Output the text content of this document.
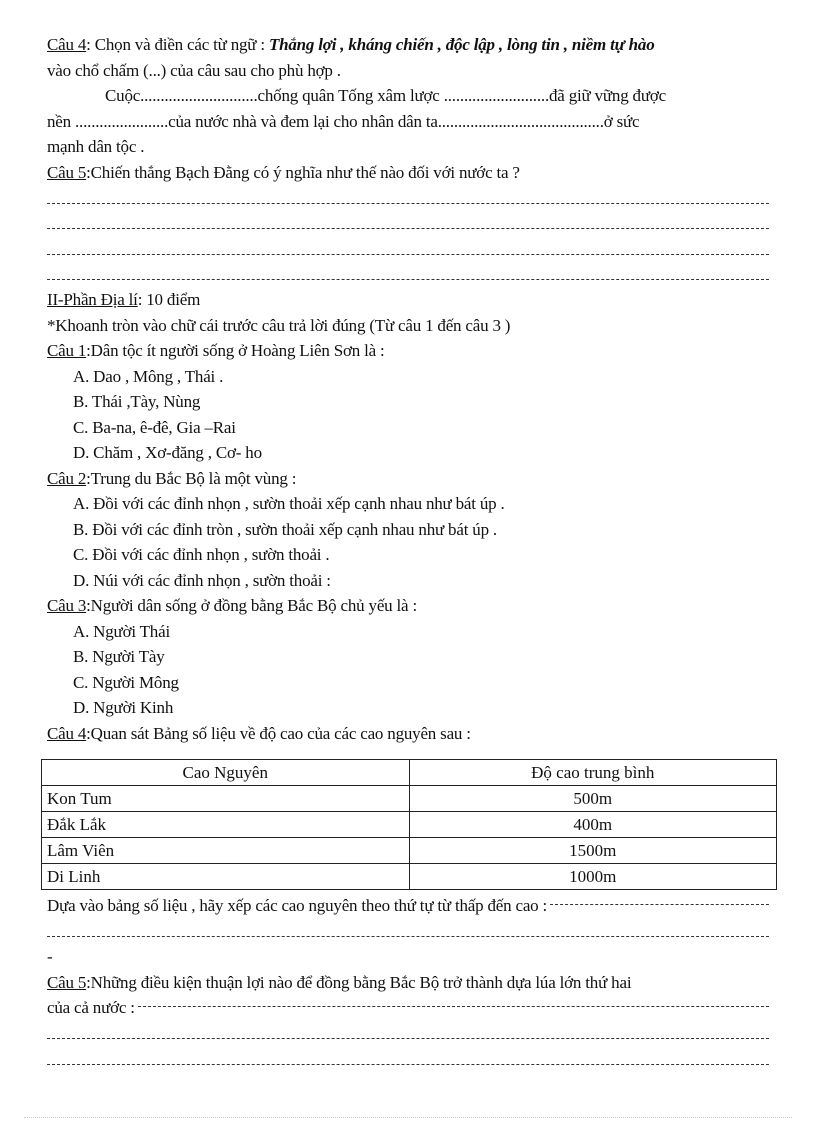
Câu 4: Chọn và điền các từ ngữ : Thắng lợi , kháng chiến , độc lập , lòng tin , niềm tự hào
vào chổ chấm (...) của câu sau cho phù hợp .
Cuộc.............................chống quân Tống xâm lược ..........................đã giữ vững được
nền .......................của nước nhà và đem lại cho nhân dân ta.........................................ở sức
mạnh dân tộc .
Câu 5:Chiến thắng Bạch Đằng có ý nghĩa như thế nào đối với nước ta ?
II-Phần Địa lí: 10 điểm
*Khoanh tròn vào chữ cái trước câu trả lời đúng (Từ câu 1 đến câu 3 )
Câu 1:Dân tộc ít người sống ở Hoàng Liên Sơn là :
A. Dao , Mông , Thái .
B. Thái ,Tày, Nùng
C. Ba-na, ê-đê, Gia –Rai
D. Chăm , Xơ-đăng , Cơ- ho
Câu 2:Trung du Bắc Bộ là một vùng :
A. Đồi với các đỉnh nhọn , sườn thoải xếp cạnh nhau như bát úp .
B. Đồi với các đỉnh tròn , sườn thoải xếp cạnh nhau như bát úp .
C. Đồi với các đỉnh nhọn , sườn thoải .
D. Núi với các đỉnh nhọn , sườn thoải :
Câu 3:Người dân sống ở đồng bằng Bắc Bộ chủ yếu là :
A. Người Thái
B. Người Tày
C. Người Mông
D. Người Kinh
Câu 4:Quan sát Bảng số liệu về độ cao của các cao nguyên sau :
Cao Nguyên	Độ cao trung bình
Kon Tum	500m
Đắk Lắk	400m
Lâm Viên	1500m
Di Linh	1000m
Dựa vào bảng số liệu , hãy xếp các cao nguyên theo thứ tự từ thấp đến cao :
-
Câu 5:Những điều kiện thuận lợi nào để đồng bằng Bắc Bộ trở thành dựa lúa lớn thứ hai
của cả nước :
